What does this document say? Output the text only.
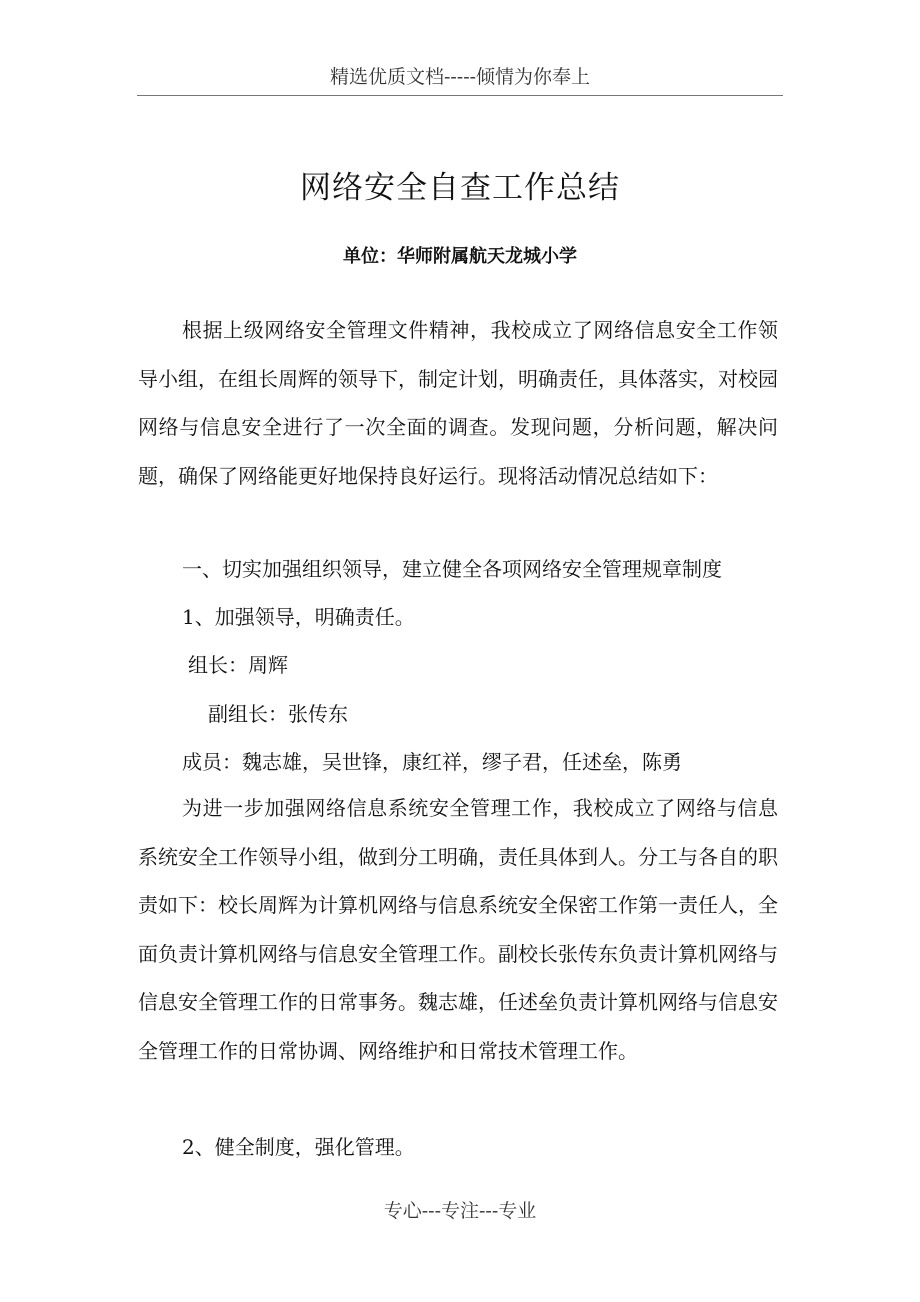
精选优质文档-----倾情为你奉上
网络安全自查工作总结
单位：华师附属航天龙城小学
根据上级网络安全管理文件精神，我校成立了网络信息安全工作领导小组，在组长周辉的领导下，制定计划，明确责任，具体落实，对校园网络与信息安全进行了一次全面的调查。发现问题，分析问题，解决问题，确保了网络能更好地保持良好运行。现将活动情况总结如下：
一、切实加强组织领导，建立健全各项网络安全管理规章制度
1、加强领导，明确责任。
组长：周辉
副组长：张传东
成员：魏志雄，吴世锋，康红祥，缪子君，任述垒，陈勇
为进一步加强网络信息系统安全管理工作，我校成立了网络与信息系统安全工作领导小组，做到分工明确，责任具体到人。分工与各自的职责如下：校长周辉为计算机网络与信息系统安全保密工作第一责任人，全面负责计算机网络与信息安全管理工作。副校长张传东负责计算机网络与信息安全管理工作的日常事务。魏志雄，任述垒负责计算机网络与信息安全管理工作的日常协调、网络维护和日常技术管理工作。
2、健全制度，强化管理。
专心---专注---专业
